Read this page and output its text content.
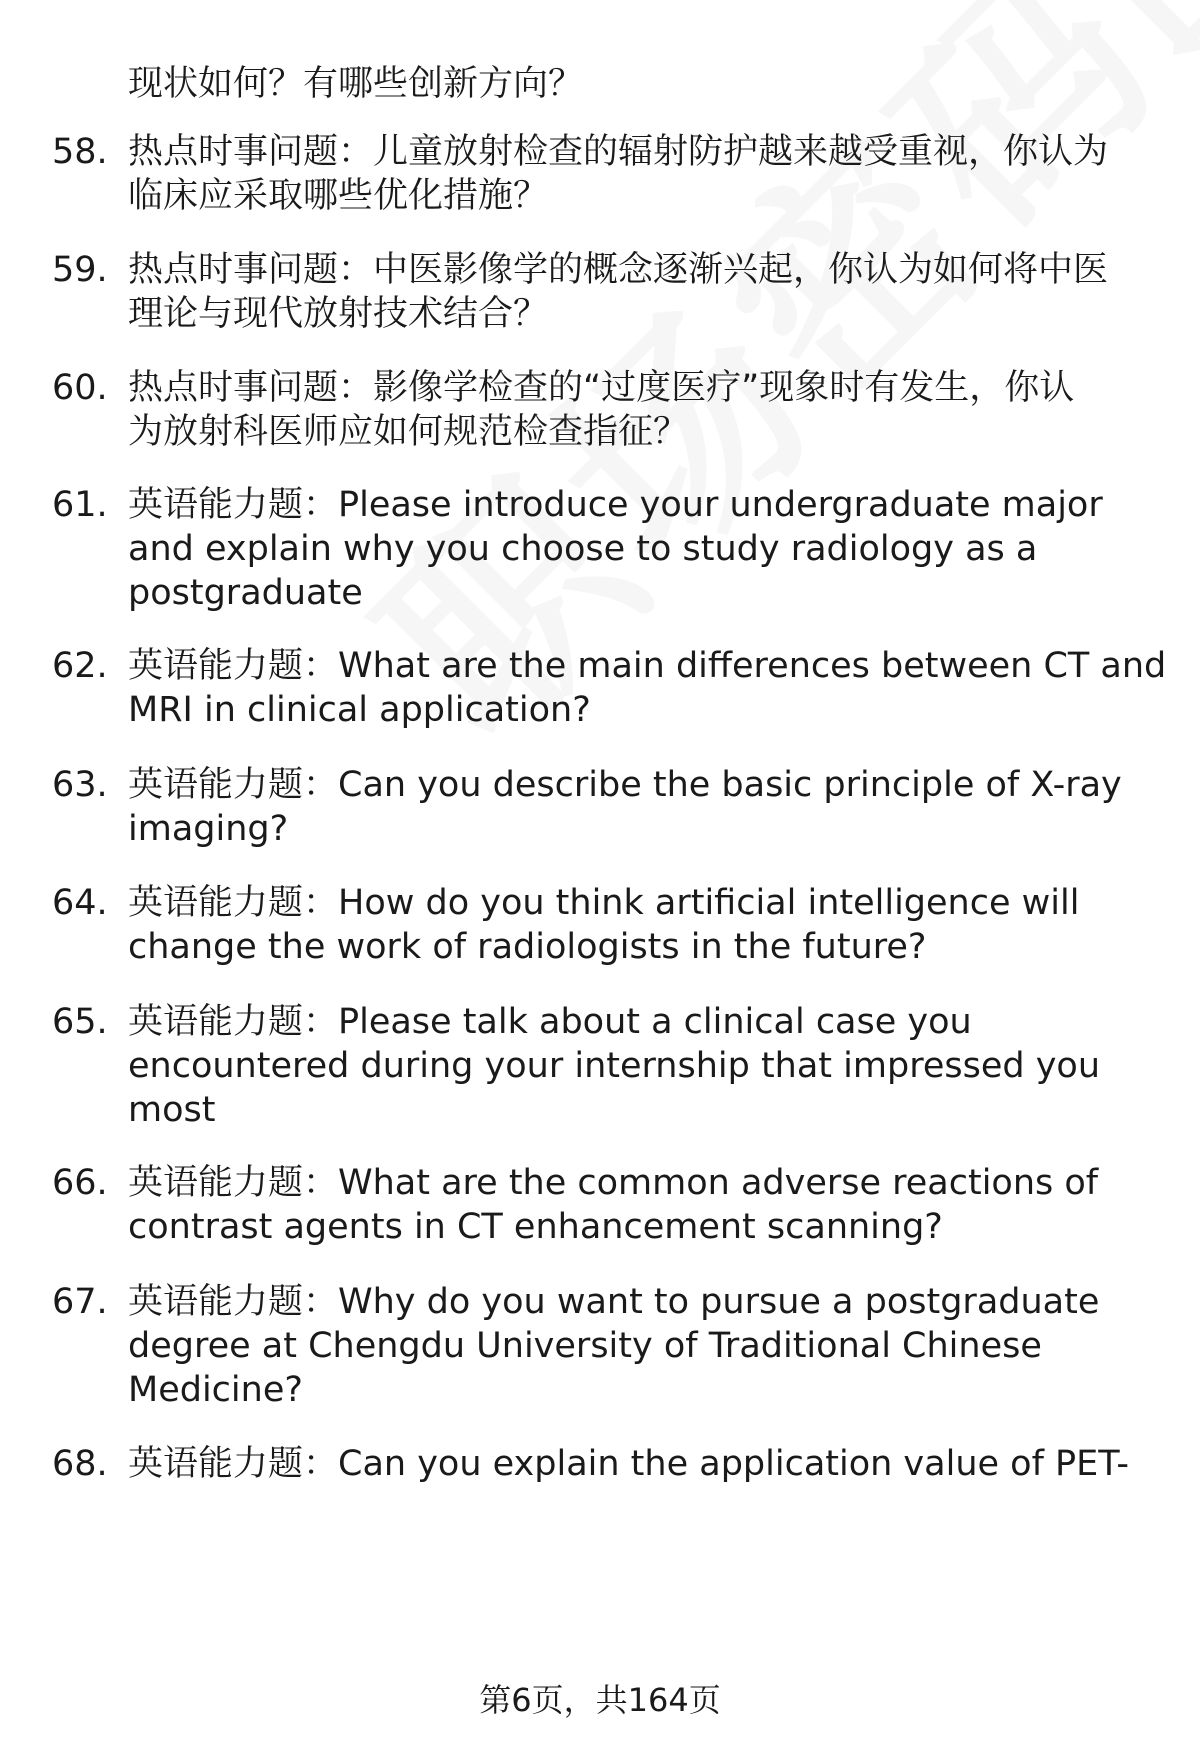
现状如何？有哪些创新方向？
58. 热点时事问题：儿童放射检查的辐射防护越来越受重视，你认为
临床应采取哪些优化措施？
59. 热点时事问题：中医影像学的概念逐渐兴起，你认为如何将中医
理论与现代放射技术结合？
60. 热点时事问题：影像学检查的“过度医疗”现象时有发生，你认
为放射科医师应如何规范检查指征？
61. 英语能力题：Please introduce your undergraduate major
and explain why you choose to study radiology as a
postgraduate
62. 英语能力题：What are the main differences between CT and
MRI in clinical application?
63. 英语能力题：Can you describe the basic principle of X-ray
imaging?
64. 英语能力题：How do you think artificial intelligence will
change the work of radiologists in the future?
65. 英语能力题：Please talk about a clinical case you
encountered during your internship that impressed you
most
66. 英语能力题：What are the common adverse reactions of
contrast agents in CT enhancement scanning?
67. 英语能力题：Why do you want to pursue a postgraduate
degree at Chengdu University of Traditional Chinese
Medicine?
68. 英语能力题：Can you explain the application value of PET-
第6页，共164页
